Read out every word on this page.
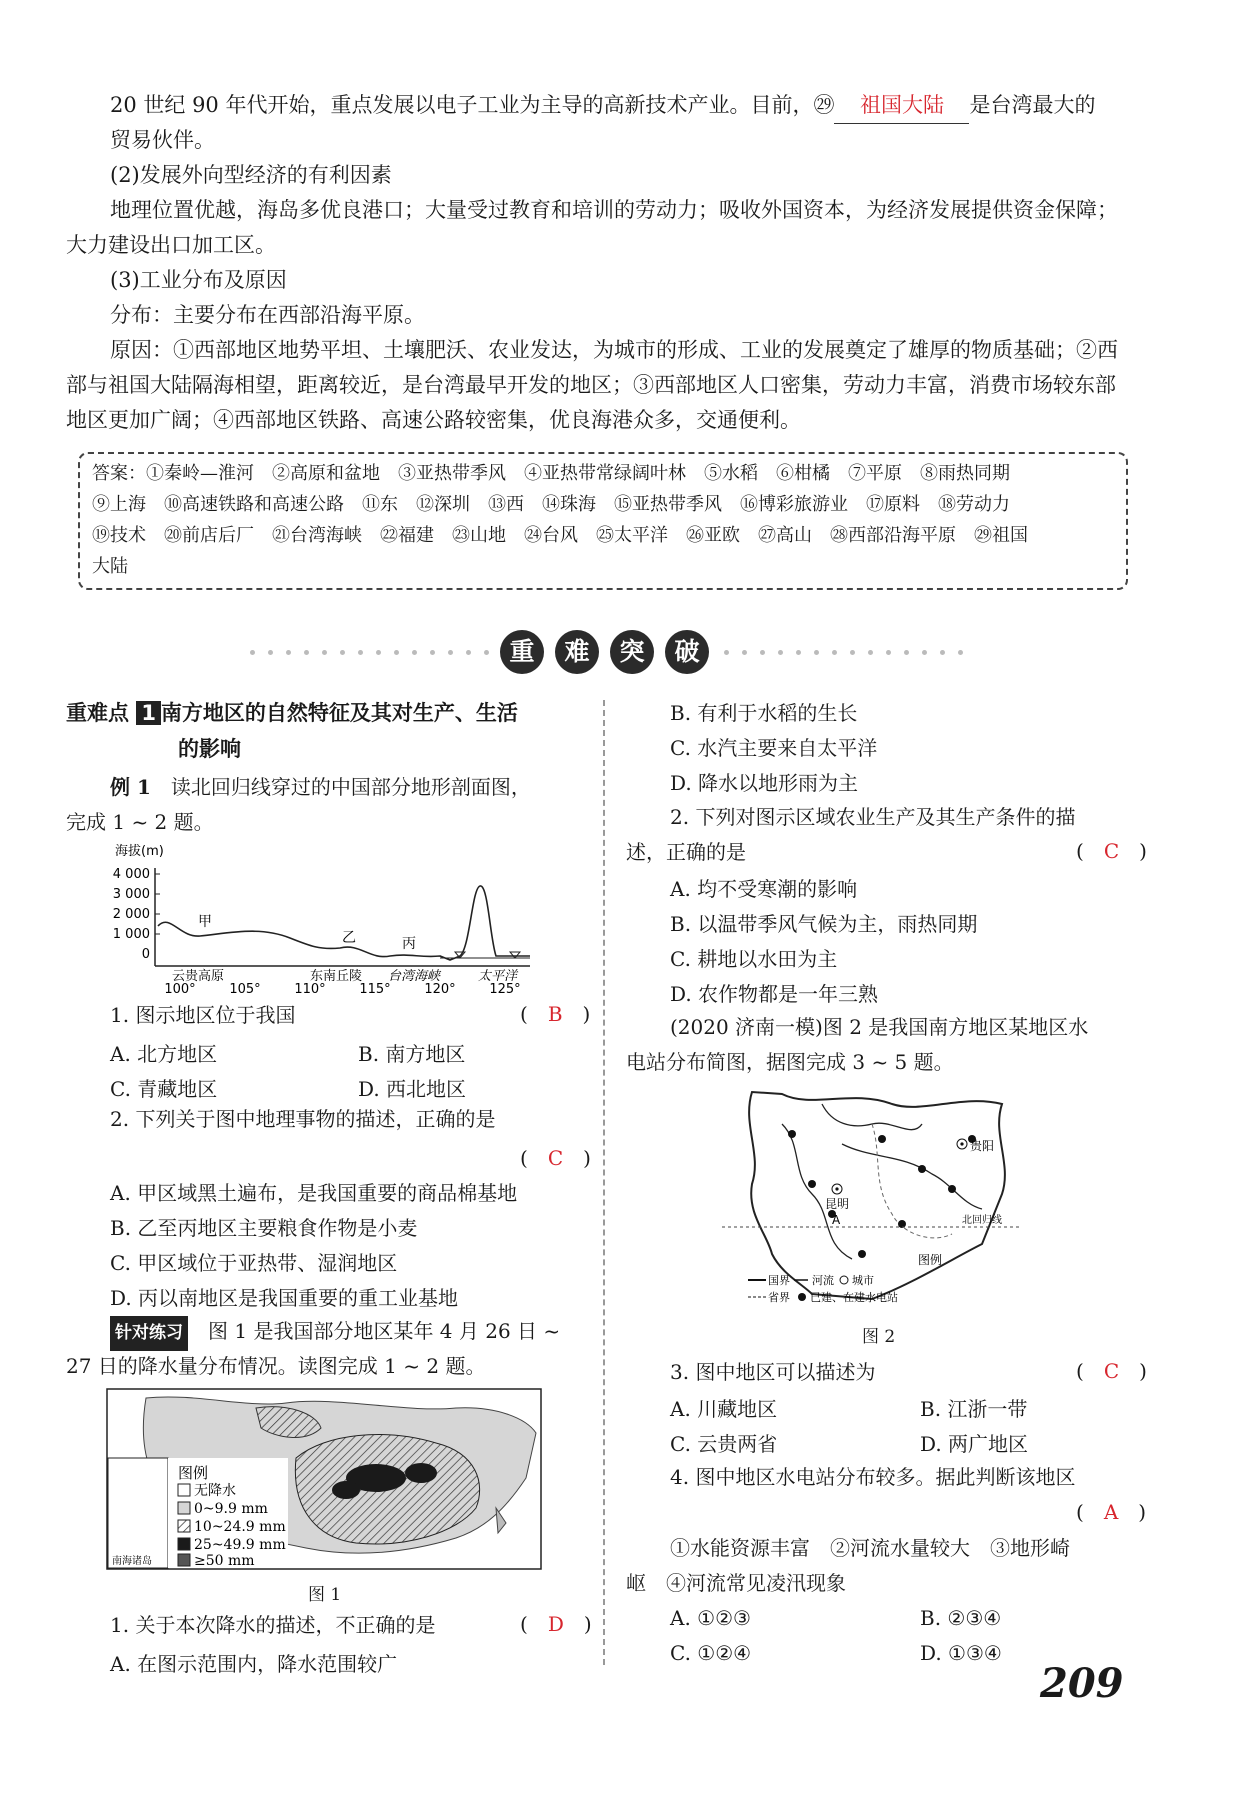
20 世纪 90 年代开始，重点发展以电子工业为主导的高新技术产业。目前，㉙ 祖国大陆 是台湾最大的
贸易伙伴。
(2)发展外向型经济的有利因素
地理位置优越，海岛多优良港口；大量受过教育和培训的劳动力；吸收外国资本，为经济发展提供资金保障；
大力建设出口加工区。
(3)工业分布及原因
分布：主要分布在西部沿海平原。
原因：①西部地区地势平坦、土壤肥沃、农业发达，为城市的形成、工业的发展奠定了雄厚的物质基础；②西
部与祖国大陆隔海相望，距离较近，是台湾最早开发的地区；③西部地区人口密集，劳动力丰富，消费市场较东部
地区更加广阔；④西部地区铁路、高速公路较密集，优良海港众多，交通便利。
答案：①秦岭—淮河　②高原和盆地　③亚热带季风　④亚热带常绿阔叶林　⑤水稻　⑥柑橘　⑦平原　⑧雨热同期
⑨上海　⑩高速铁路和高速公路　⑪东　⑫深圳　⑬西　⑭珠海　⑮亚热带季风　⑯博彩旅游业　⑰原料　⑱劳动力
⑲技术　⑳前店后厂　㉑台湾海峡　㉒福建　㉓山地　㉔台风　㉕太平洋　㉖亚欧　㉗高山　㉘西部沿海平原　㉙祖国
大陆
重	难	突	破
重难点 1 南方地区的自然特征及其对生产、生活
的影响
例 1　 读北回归线穿过的中国部分地形剖面图，
完成 1 ~ 2 题。
海拔(m)
4 000
3 000
2 000
1 000
0
甲
乙	丙
云贵高原	东南丘陵 台湾海峡	太平洋
100°	105°	110°	115°	120°	125°
1. 图示地区位于我国	(　B　)
A. 北方地区	B. 南方地区
C. 青藏地区	D. 西北地区
2. 下列关于图中地理事物的描述，正确的是
(　C　)
A. 甲区域黑土遍布，是我国重要的商品棉基地
B. 乙至丙地区主要粮食作物是小麦
C. 甲区域位于亚热带、湿润地区
D. 丙以南地区是我国重要的重工业基地
针对练习　 图 1 是我国部分地区某年 4 月 26 日 ~
27 日的降水量分布情况。读图完成 1 ~ 2 题。
南海诸岛
图例
无降水
0~9.9 mm
10~24.9 mm
25~49.9 mm
≥50 mm
图 1
1. 关于本次降水的描述，不正确的是	(　D　)
A. 在图示范围内，降水范围较广
B. 有利于水稻的生长
C. 水汽主要来自太平洋
D. 降水以地形雨为主
2. 下列对图示区域农业生产及其生产条件的描
述，正确的是	(　C　)
A. 均不受寒潮的影响
B. 以温带季风气候为主，雨热同期
C. 耕地以水田为主
D. 农作物都是一年三熟
(2020 济南一模)图 2 是我国南方地区某地区水
电站分布简图，据图完成 3 ~ 5 题。
贵阳
昆明
A	北回归线
图例
国界 河流 城市
省界 已建、在建水电站
图 2
3. 图中地区可以描述为	(　C　)
A. 川藏地区	B. 江浙一带
C. 云贵两省	D. 两广地区
4. 图中地区水电站分布较多。据此判断该地区
(　A　)
①水能资源丰富　②河流水量较大　③地形崎
岖　④河流常见凌汛现象
A. ①②③	B. ②③④
C. ①②④	D. ①③④
209
